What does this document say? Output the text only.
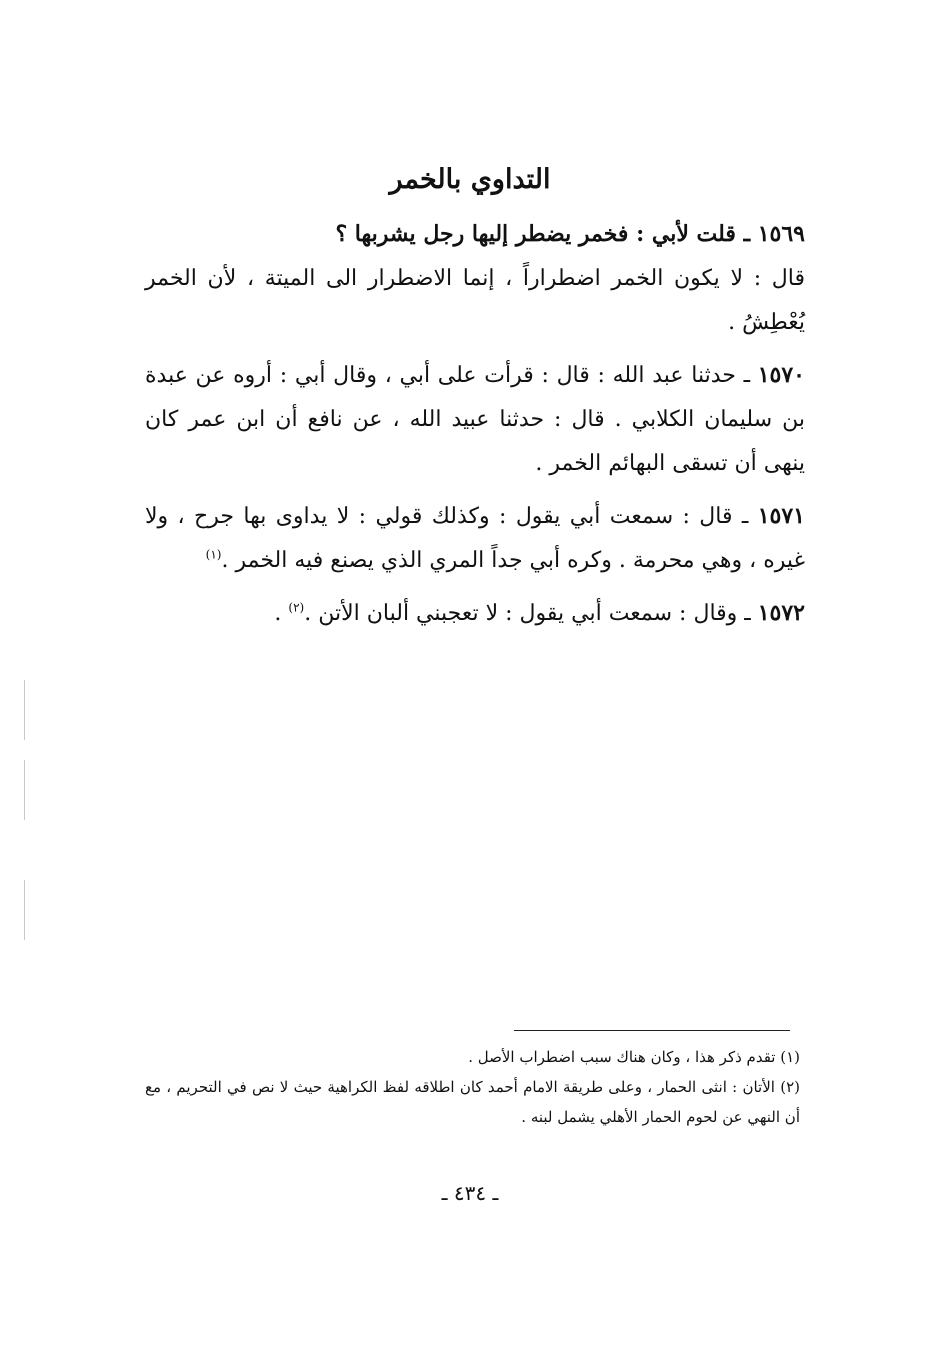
التداوي بالخمر

١٥٦٩ ـ قلت لأبي : فخمر يضطر إليها رجل يشربها ؟
قال : لا يكون الخمر اضطراراً ، إنما الاضطرار الى الميتة ، لأن الخمر يُعْطِشُ .

١٥٧٠ ـ حدثنا عبد الله : قال : قرأت على أبي ، وقال أبي : أروه عن عبدة بن سليمان الكلابي . قال : حدثنا عبيد الله ، عن نافع أن ابن عمر كان ينهى أن تسقى البهائم الخمر .

١٥٧١ ـ قال : سمعت أبي يقول : وكذلك قولي : لا يداوى بها جرح ، ولا غيره ، وهي محرمة . وكره أبي جداً المري الذي يصنع فيه الخمر .$^{(١)}$

١٥٧٢ ـ وقال : سمعت أبي يقول : لا تعجبني ألبان الأتن .$^{(٢)}$ .

(١) تقدم ذكر هذا ، وكان هناك سبب اضطراب الأصل .

(٢) الأتان : انثى الحمار ، وعلى طريقة الامام أحمد كان اطلاقه لفظ الكراهية حيث لا نص في التحريم ، مع أن النهي عن لحوم الحمار الأهلي يشمل لبنه .

ـ ٤٣٤ ـ
